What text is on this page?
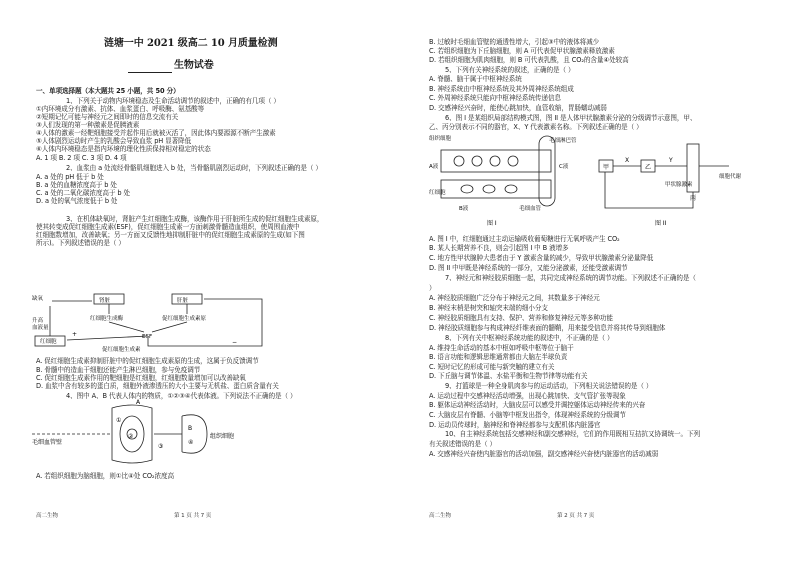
涟塘一中 2021 级高二 10 月质量检测
生物试卷
一、单项选择题（本大题共 25 小题，共 50 分）
1、下列关于动物内环境稳态及生命活动调节的叙述中，正确的有几项（ ）
①内环境成分有激素、抗体、血浆蛋白、呼吸酶、氨基酸等
②短期记忆可能与神经元之间即时的信息交流有关
③人们发现的第一种激素是促胰液素
④人体的激素一经靶细胞接受并起作用后就被灭活了，因此体内要源源不断产生激素
⑤人体剧烈运动时产生的乳酸会导致血浆 pH 显著降低
⑥人体内环境稳态是指内环境的理化性质保持相对稳定的状态
A. 1 项 B. 2 项 C. 3 项 D. 4 项
2、血浆由 a 处流经骨骼肌细胞进入 b 处，当骨骼肌剧烈运动时，下列叙述正确的是（ ）
A. a 处的 pH 低于 b 处
B. a 处的血糖浓度高于 b 处
C. a 处的二氧化碳浓度高于 b 处
D. a 处的氧气浓度低于 b 处
3、在机体缺氧时，肾脏产生红细胞生成酶，该酶作用于肝脏所生成的促红细胞生成素原，
使其转变成促红细胞生成素(ESF)，促红细胞生成素一方面刺激骨髓造血组织，使周围血液中
红细胞数增加，改善缺氧；另一方面又反馈性地抑制肝脏中的促红细胞生成素原的生成(如下图
所示)。下列叙述错误的是（ ）
A. 促红细胞生成素抑制肝脏中的促红细胞生成素原的生成，这属于负反馈调节
B. 骨髓中的造血干细胞还能产生淋巴细胞，参与免疫调节
C. 促红细胞生成素作用的靶细胞是红细胞，红细胞数量增加可以改善缺氧
D. 血浆中含有较多的蛋白质，细胞外液渗透压的大小主要与无机盐、蛋白质含量有关
4、图中 A、B 代表人体内的物质，①②③④代表体液。下列说法不正确的是（ ）
A. 若组织细胞为脑细胞，则①比④处 CO₂浓度高
缺氧	肾脏	肝脏
红细胞生成酶	促红细胞生成素原
ESF
促红细胞生成素
红细胞
升高
血液量
+
−
毛细血管壁
组织细胞
A
B
①
②
③
④
高二生物	第 1 页 共 7 页
B. 过敏时毛细血管壁的通透性增大，引起③中的液体将减少
C. 若组织细胞为下丘脑细胞，则 A 可代表促甲状腺激素释放激素
D. 若组织细胞为肌肉细胞，则 B 可代表乳酸，且 CO₂的含量④处较高
5、下列有关神经系统的叙述，正确的是（ ）
A. 脊髓、脑干属于中枢神经系统
B. 神经系统由中枢神经系统及其外周神经系统组成
C. 外周神经系统只能向中枢神经系统传递信息
D. 交感神经兴奋时，能使心跳加快，血管收缩，胃肠蠕动减弱
6、图 I 是某组织局部结构模式图，图 II 是人体甲状腺激素分泌的分级调节示意图，甲、
乙、丙分别表示不同的器官，X、Y 代表激素名称。下列叙述正确的是（ ）
A. 图 I 中，红细胞通过主动运输吸收葡萄糖进行无氧呼吸产生 CO₂
B. 某人长期营养不良，则会引起图 I 中 B 液增多
C. 地方性甲状腺肿大患者由于 Y 激素含量的减少，导致甲状腺激素分泌量降低
D. 图 II 中甲既是神经系统的一部分，又能分泌激素，还能受激素调节
7、神经元和神经胶质细胞一起，共同完成神经系统的调节功能。下列叙述不正确的是（
）
A. 神经胶质细胞广泛分布于神经元之间，其数量多于神经元
B. 神经末梢是树突和轴突末端的细小分支
C. 神经胶质细胞具有支持、保护、营养和修复神经元等多种功能
D. 神经胶质细胞参与构成神经纤维表面的髓鞘，用来接受信息并将其传导到细胞体
8、下列有关中枢神经系统功能的叙述中，不正确的是（ ）
A. 维持生命活动的基本中枢如呼吸中枢等位于脑干
B. 语言功能和逻辑思维通常都由大脑左半球负责
C. 短时记忆的形成可能与新突触的建立有关
D. 下丘脑与调节体温、水盐平衡和生物节律等功能有关
9、打篮球是一种全身肌肉参与的运动活动，下列相关说法错误的是（ ）
A. 运动过程中交感神经活动增强，出现心跳加快、支气管扩张等现象
B. 躯体运动神经活动时，大脑皮层可以感受并调控躯体运动神经传来的兴奋
C. 大脑皮层有脊髓、小脑等中枢发出指令，体现神经系统的分级调节
D. 运动员传球时，脑神经和脊神经都参与支配机体内脏器官
10、自主神经系统包括交感神经和副交感神经，它们的作用既相互拮抗又协调统一。下列
有关叙述错误的是（ ）
A. 交感神经兴奋使内脏器官的活动加强，副交感神经兴奋使内脏器官的活动减弱
组织细胞
A液
红细胞
B液
毛细淋巴管
C液
毛细血管
图 I
甲	乙
X	Y
丙
甲状腺激素
细胞代谢
图 II
高二生物	第 2 页 共 7 页
